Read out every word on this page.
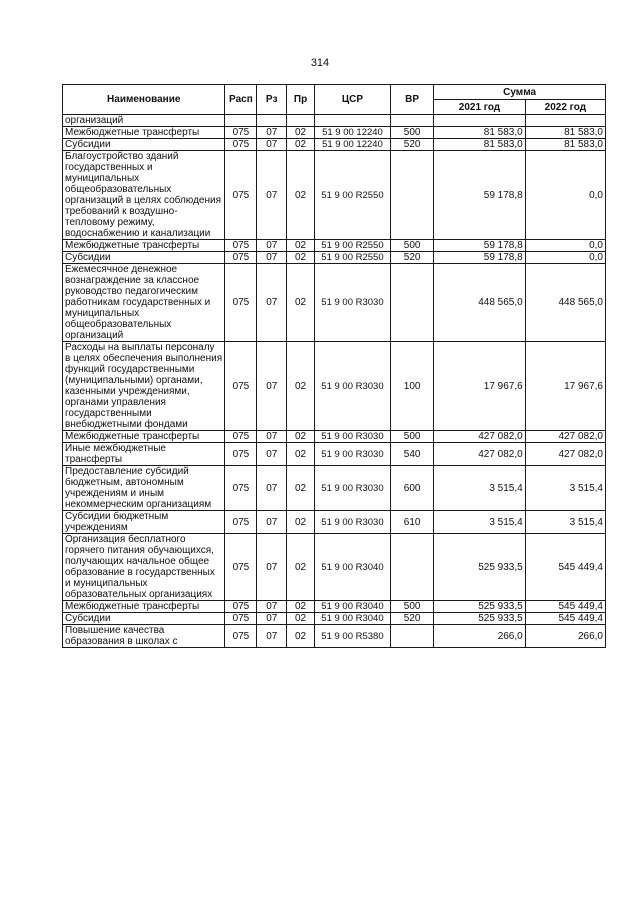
314
Наименование	Расп	Рз	Пр	ЦСР	ВР	Сумма	
						2021 год	2022 год
организаций							
Межбюджетные трансферты	075	07	02	51 9 00 12240	500	81 583,0	81 583,0
Субсидии	075	07	02	51 9 00 12240	520	81 583,0	81 583,0
Благоустройство зданий государственных и муниципальных общеобразовательных организаций в целях соблюдения требований к воздушно-тепловому режиму, водоснабжению и канализации	075	07	02	51 9 00 R2550		59 178,8	0,0
Межбюджетные трансферты	075	07	02	51 9 00 R2550	500	59 178,8	0,0
Субсидии	075	07	02	51 9 00 R2550	520	59 178,8	0,0
Ежемесячное денежное вознаграждение за классное руководство педагогическим работникам государственных и муниципальных общеобразовательных организаций	075	07	02	51 9 00 R3030		448 565,0	448 565,0
Расходы на выплаты персоналу в целях обеспечения выполнения функций государственными (муниципальными) органами, казенными учреждениями, органами управления государственными внебюджетными фондами	075	07	02	51 9 00 R3030	100	17 967,6	17 967,6
Межбюджетные трансферты	075	07	02	51 9 00 R3030	500	427 082,0	427 082,0
Иные межбюджетные трансферты	075	07	02	51 9 00 R3030	540	427 082,0	427 082,0
Предоставление субсидий бюджетным, автономным учреждениям и иным некоммерческим организациям	075	07	02	51 9 00 R3030	600	3 515,4	3 515,4
Субсидии бюджетным учреждениям	075	07	02	51 9 00 R3030	610	3 515,4	3 515,4
Организация бесплатного горячего питания обучающихся, получающих начальное общее образование в государственных и муниципальных образовательных организациях	075	07	02	51 9 00 R3040		525 933,5	545 449,4
Межбюджетные трансферты	075	07	02	51 9 00 R3040	500	525 933,5	545 449,4
Субсидии	075	07	02	51 9 00 R3040	520	525 933,5	545 449,4
Повышение качества образования в школах с	075	07	02	51 9 00 R5380		266,0	266,0
